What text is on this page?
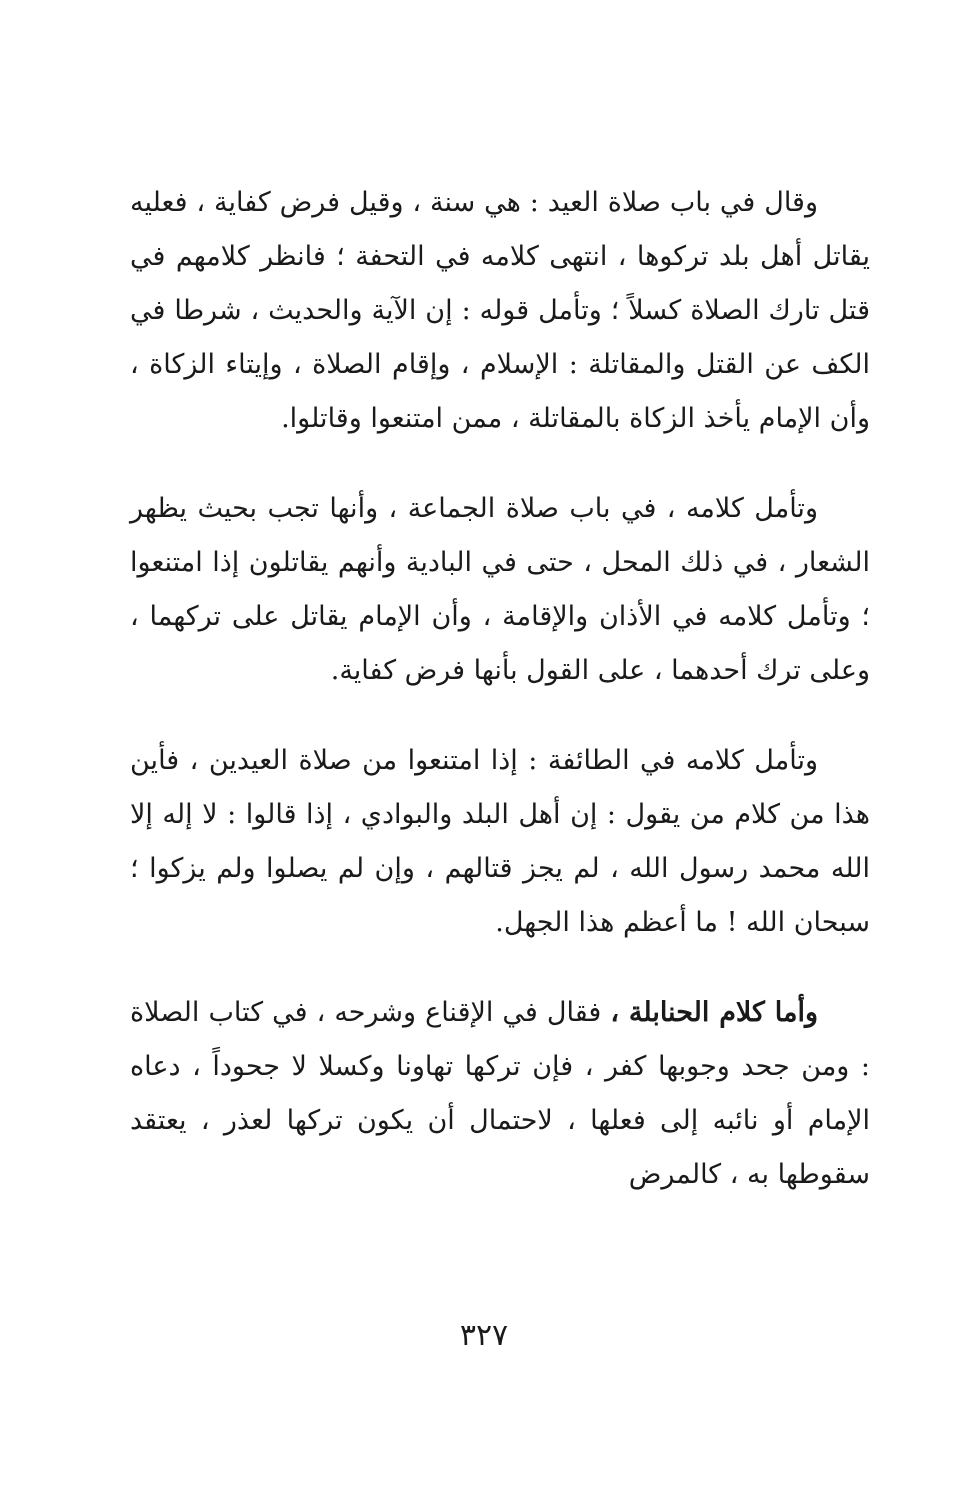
وقال في باب صلاة العيد : هي سنة ، وقيل فرض كفاية ، فعليه يقاتل أهل بلد تركوها ، انتهى كلامه في التحفة ؛ فانظر كلامهم في قتل تارك الصلاة كسلاً ؛ وتأمل قوله : إن الآية والحديث ، شرطا في الكف عن القتل والمقاتلة : الإسلام ، وإقام الصلاة ، وإيتاء الزكاة ، وأن الإمام يأخذ الزكاة بالمقاتلة ، ممن امتنعوا وقاتلوا.

وتأمل كلامه ، في باب صلاة الجماعة ، وأنها تجب بحيث يظهر الشعار ، في ذلك المحل ، حتى في البادية وأنهم يقاتلون إذا امتنعوا ؛ وتأمل كلامه في الأذان والإقامة ، وأن الإمام يقاتل على تركهما ، وعلى ترك أحدهما ، على القول بأنها فرض كفاية.

وتأمل كلامه في الطائفة : إذا امتنعوا من صلاة العيدين ، فأين هذا من كلام من يقول : إن أهل البلد والبوادي ، إذا قالوا : لا إله إلا الله محمد رسول الله ، لم يجز قتالهم ، وإن لم يصلوا ولم يزكوا ؛ سبحان الله ! ما أعظم هذا الجهل.

وأما كلام الحنابلة ، فقال في الإقناع وشرحه ، في كتاب الصلاة : ومن جحد وجوبها كفر ، فإن تركها تهاونا وكسلا لا جحوداً ، دعاه الإمام أو نائبه إلى فعلها ، لاحتمال أن يكون تركها لعذر ، يعتقد سقوطها به ، كالمرض

٣٢٧
